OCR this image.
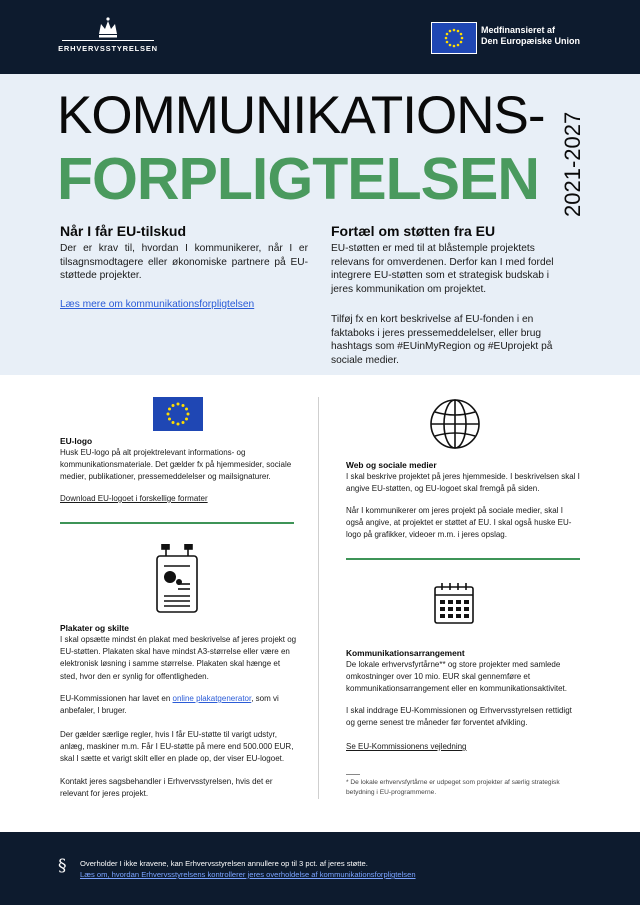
ERHVERVSSTYRELSEN
Medfinansieret af
Den Europæiske Union
KOMMUNIKATIONS-
FORPLIGTELSEN 2021-2027
Når I får EU-tilskud
Der er krav til, hvordan I kommunikerer, når I er tilsagnsmodtagere eller økonomiske partnere på EU-støttede projekter.
Læs mere om kommunikationsforpligtelsen
Fortæl om støtten fra EU
EU-støtten er med til at blåstemple projektets relevans for omverdenen. Derfor kan I med fordel integrere EU-støtten som et strategisk budskab i jeres kommunikation om projektet.
Tilføj fx en kort beskrivelse af EU-fonden i en faktaboks i jeres pressemeddelelser, eller brug hashtags som #EUinMyRegion og #EUprojekt på sociale medier.
EU-logo
Husk EU-logo på alt projektrelevant informations- og kommunikationsmateriale. Det gælder fx på hjemmesider, sociale medier, publikationer, pressemeddelelser og mailsignaturer.
Download EU-logoet i forskellige formater
Plakater og skilte
I skal opsætte mindst én plakat med beskrivelse af jeres projekt og EU-støtten. Plakaten skal have mindst A3-størrelse eller være en elektronisk løsning i samme størrelse. Plakaten skal hænge et sted, hvor den er synlig for offentligheden.
EU-Kommissionen har lavet en online plakatgenerator, som vi anbefaler, I bruger.
Der gælder særlige regler, hvis I får EU-støtte til varigt udstyr, anlæg, maskiner m.m. Får I EU-støtte på mere end 500.000 EUR, skal I sætte et varigt skilt eller en plade op, der viser EU-logoet.
Kontakt jeres sagsbehandler i Erhvervsstyrelsen, hvis det er relevant for jeres projekt.
Web og sociale medier
I skal beskrive projektet på jeres hjemmeside. I beskrivelsen skal I angive EU-støtten, og EU-logoet skal fremgå på siden.
Når I kommunikerer om jeres projekt på sociale medier, skal I også angive, at projektet er støttet af EU. I skal også huske EU-logo på grafikker, videoer m.m. i jeres opslag.
Kommunikationsarrangement
De lokale erhvervsfyrtårne** og store projekter med samlede omkostninger over 10 mio. EUR skal gennemføre et kommunikationsarrangement eller en kommunikationsaktivitet.
I skal inddrage EU-Kommissionen og Erhvervsstyrelsen rettidigt og gerne senest tre måneder før forventet afvikling.
Se EU-Kommissionens vejledning
* De lokale erhvervsfyrtårne er udpeget som projekter af særlig strategisk betydning i EU-programmerne.
§ Overholder I ikke kravene, kan Erhvervsstyrelsen annullere op til 3 pct. af jeres støtte.
Læs om, hvordan Erhvervsstyrelsens kontrollerer jeres overholdelse af kommunikationsforpligtelsen
